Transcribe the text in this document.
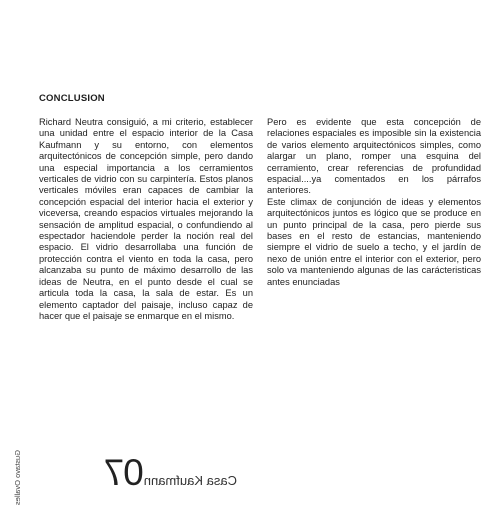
CONCLUSION

Richard Neutra consiguió, a mi criterio, establecer una unidad entre el espacio interior de la Casa Kaufmann y su entorno, con elementos arquitectónicos de concepción simple, pero dando una especial importancia a los cerramientos verticales de vidrio con su carpintería. Estos planos verticales móviles eran capaces de cambiar la concepción espacial del interior hacia el exterior y viceversa, creando espacios virtuales mejorando la sensación de amplitud espacial, o confundiendo al espectador haciendole perder la noción real del espacio. El vidrio desarrollaba una función de protección contra el viento en toda la casa, pero alcanzaba su punto de máximo desarrollo de las ideas de Neutra, en el punto desde el cual se articula toda la casa, la sala de estar. Es un elemento captador del paisaje, incluso capaz de hacer que el paisaje se enmarque en el mismo.

Pero es evidente que esta concepción de relaciones espaciales es imposible sin la existencia de varios elemento arquitectónicos simples, como alargar un plano, romper una esquina del cerramiento, crear referencias de profundidad espacial....ya comentados en los párrafos anteriores.

Este climax de conjunción de ideas y elementos arquitectónicos juntos es lógico que se produce en un punto principal de la casa, pero pierde sus bases en el resto de estancias, manteniendo siempre el vidrio de suelo a techo, y el jardín de nexo de unión entre el interior con el exterior, pero solo va manteniendo algunas de las carácteristicas antes enunciadas

Gustavo Ovalles	Casa Kaufmann
07
